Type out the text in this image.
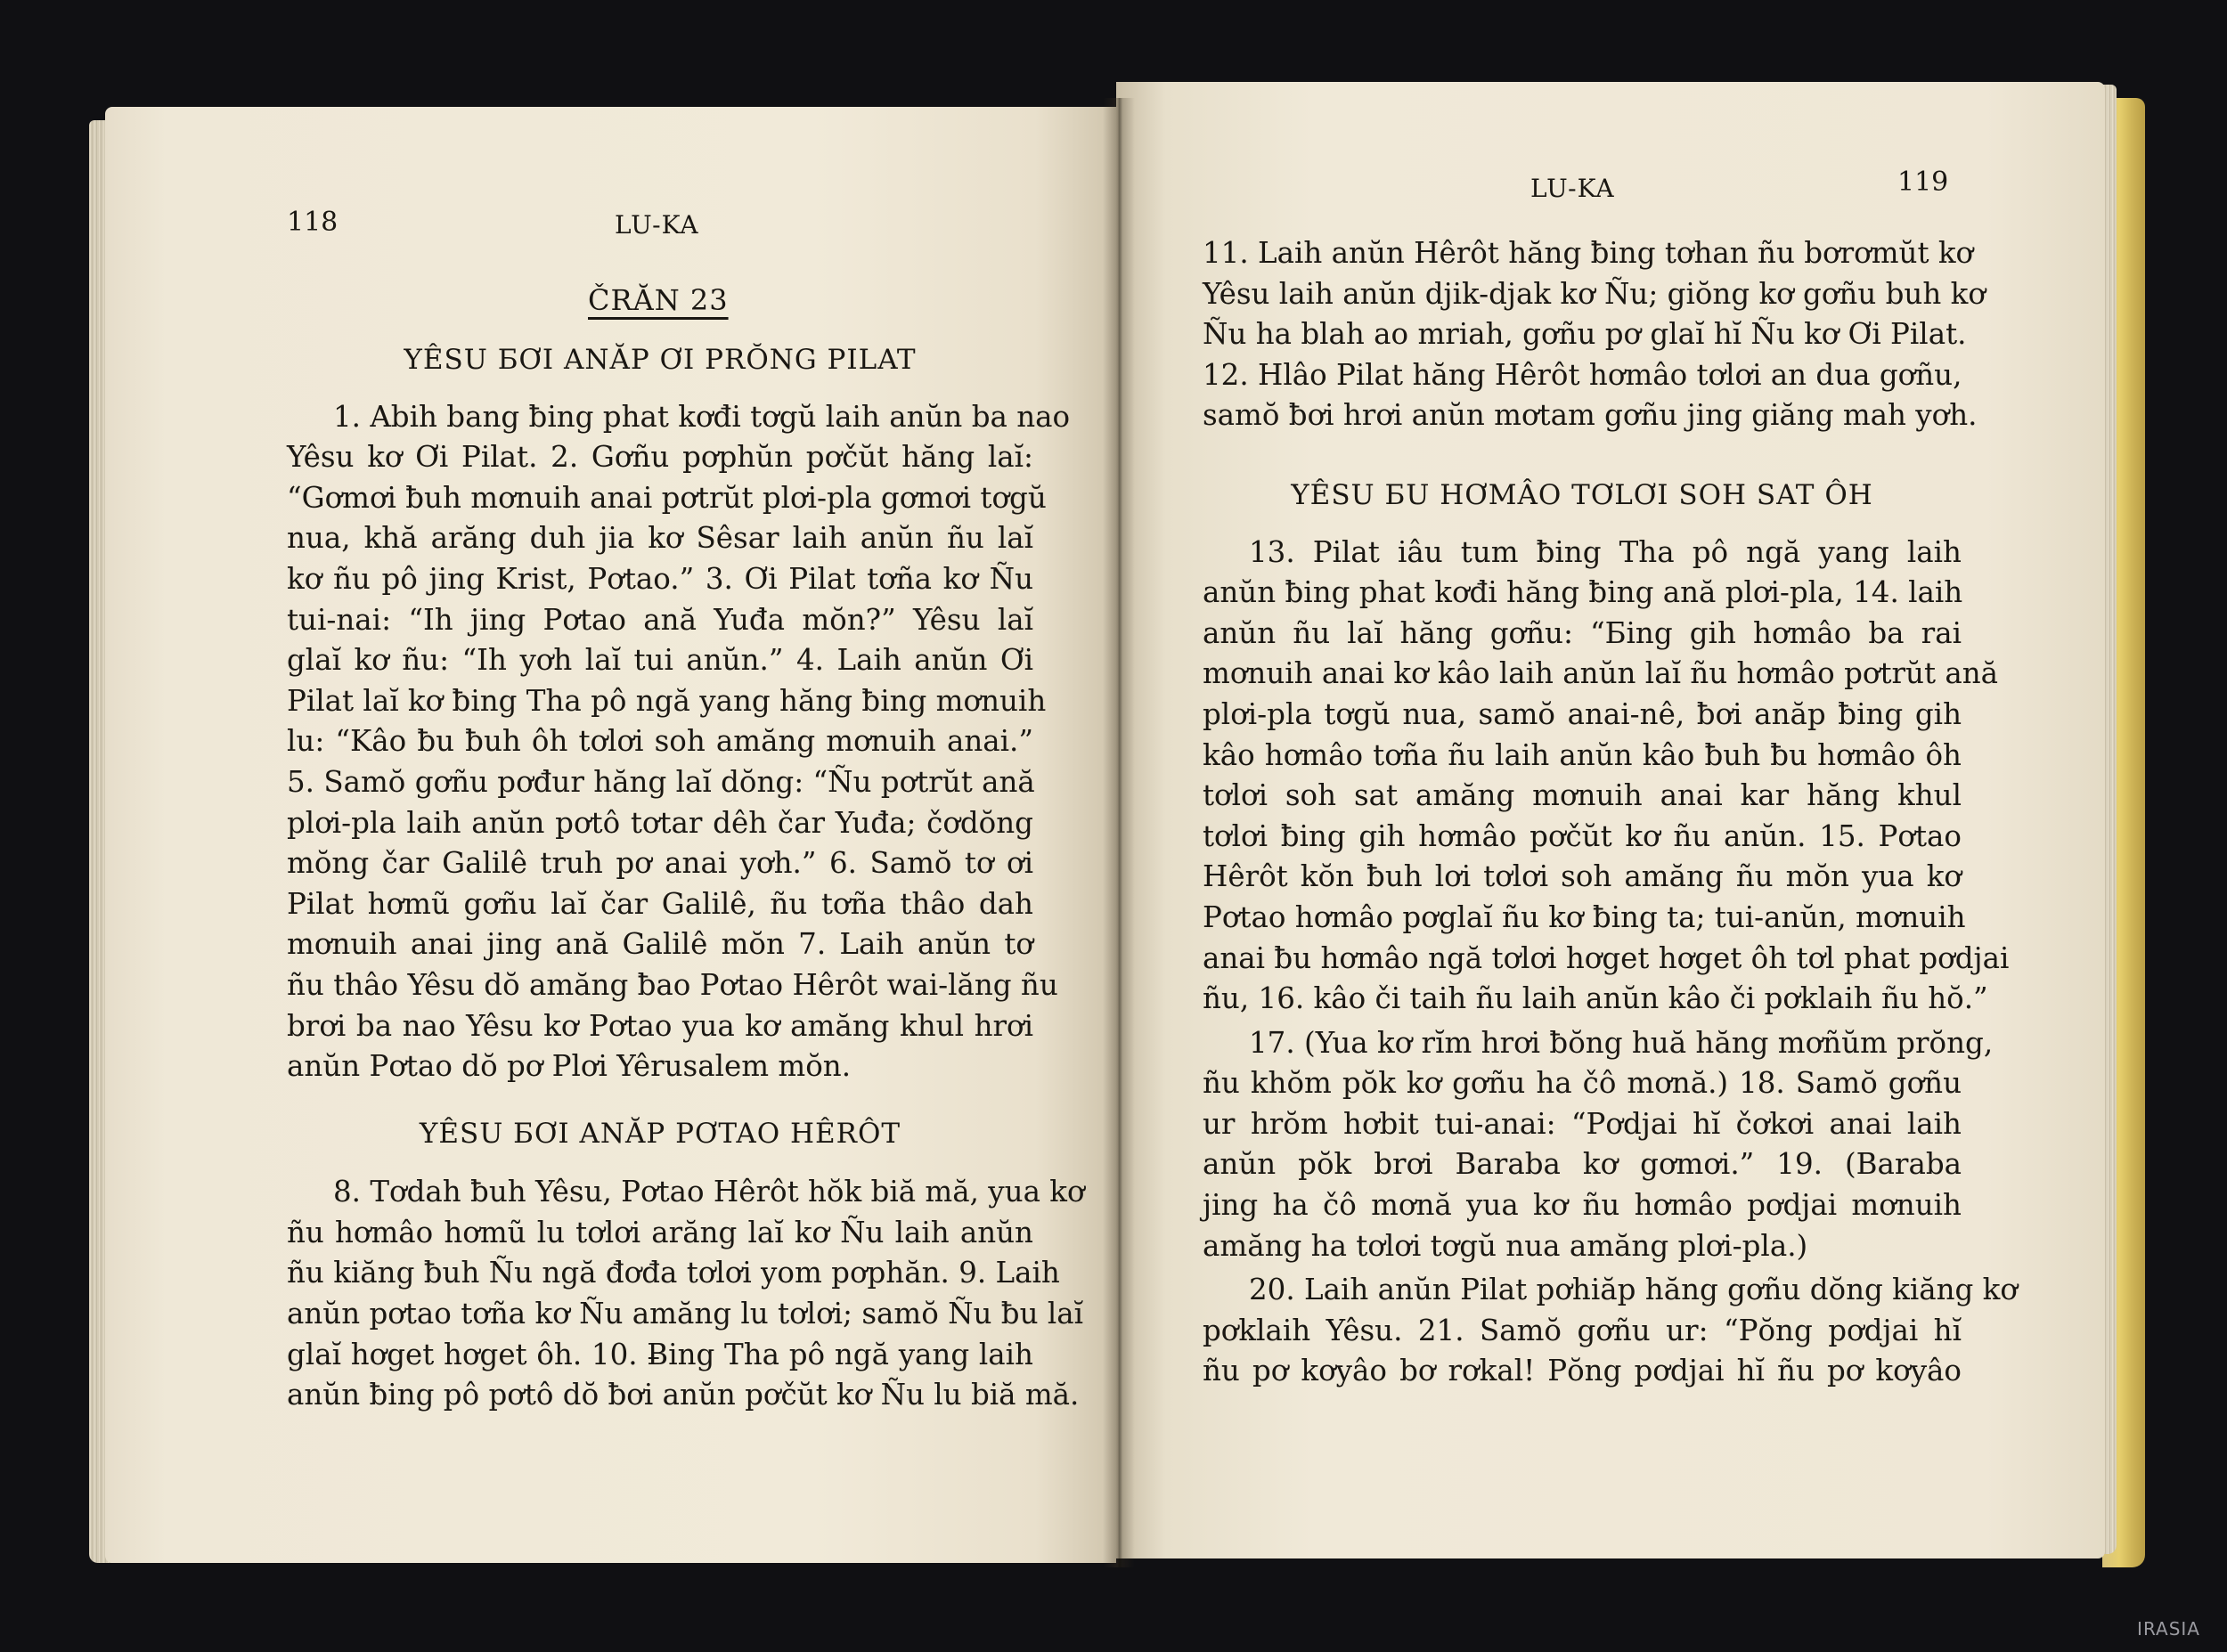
118	LU-KA
ČRĂN 23
YÊSU ƂƠI ANĂP ƠI PRŎNG PILAT
1. Abih bang ƀing phat kơđi tơgŭ laih anŭn ba nao
Yêsu kơ Ơi Pilat. 2. Gơñu pơphŭn pơčŭt hăng laĭ:
“Gơmơi ƀuh mơnuih anai pơtrŭt plơi-pla gơmơi tơgŭ
nua, khă arăng duh jia kơ Sêsar laih anŭn ñu laĭ
kơ ñu pô jing Krist, Pơtao.” 3. Ơi Pilat tơña kơ Ñu
tui-nai: “Ih jing Pơtao ană Yuđa mŏn?” Yêsu laĭ
glaĭ kơ ñu: “Ih yơh laĭ tui anŭn.” 4. Laih anŭn Ơi
Pilat laĭ kơ ƀing Tha pô ngă yang hăng ƀing mơnuih
lu: “Kâo ƀu ƀuh ôh tơlơi soh amăng mơnuih anai.”
5. Samŏ gơñu pơđur hăng laĭ dŏng: “Ñu pơtrŭt ană
plơi-pla laih anŭn pơtô tơtar dêh čar Yuđa; čơdŏng
mŏng čar Galilê truh pơ anai yơh.” 6. Samŏ tơ ơi
Pilat hơmũ gơñu laĭ čar Galilê, ñu tơña thâo dah
mơnuih anai jing ană Galilê mŏn 7. Laih anŭn tơ
ñu thâo Yêsu dŏ amăng ƀao Pơtao Hêrôt wai-lăng ñu
brơi ba nao Yêsu kơ Pơtao yua kơ amăng khul hrơi
anŭn Pơtao dŏ pơ Plơi Yêrusalem mŏn.
YÊSU ƂƠI ANĂP PƠTAO HÊRÔT
8. Tơdah ƀuh Yêsu, Pơtao Hêrôt hŏk biă mă, yua kơ
ñu hơmâo hơmũ lu tơlơi arăng laĭ kơ Ñu laih anŭn
ñu kiăng ƀuh Ñu ngă đơđa tơlơi yom pơphăn. 9. Laih
anŭn pơtao tơña kơ Ñu amăng lu tơlơi; samŏ Ñu ƀu laĭ
glaĭ hơget hơget ôh. 10. Ƀing Tha pô ngă yang laih
anŭn ƀing pô pơtô dŏ ƀơi anŭn pơčŭt kơ Ñu lu biă mă.
LU-KA	119
11. Laih anŭn Hêrôt hăng ƀing tơhan ñu bơrơmŭt kơ
Yêsu laih anŭn djik-djak kơ Ñu; giŏng kơ gơñu buh kơ
Ñu ha blah ao mriah, gơñu pơ glaĭ hĭ Ñu kơ Ơi Pilat.
12. Hlâo Pilat hăng Hêrôt hơmâo tơlơi an dua gơñu,
samŏ ƀơi hrơi anŭn mơtam gơñu jing giăng mah yơh.
YÊSU ƂU HƠMÂO TƠLƠI SOH SAT ÔH
13. Pilat iâu tum ƀing Tha pô ngă yang laih
anŭn ƀing phat kơđi hăng ƀing ană plơi-pla, 14. laih
anŭn ñu laĭ hăng gơñu: “Ƃing gih hơmâo ba rai
mơnuih anai kơ kâo laih anŭn laĭ ñu hơmâo pơtrŭt ană
plơi-pla tơgŭ nua, samŏ anai-nê, ƀơi anăp ƀing gih
kâo hơmâo tơña ñu laih anŭn kâo ƀuh ƀu hơmâo ôh
tơlơi soh sat amăng mơnuih anai kar hăng khul
tơlơi ƀing gih hơmâo pơčŭt kơ ñu anŭn. 15. Pơtao
Hêrôt kŏn ƀuh lơi tơlơi soh amăng ñu mŏn yua kơ
Pơtao hơmâo pơglaĭ ñu kơ ƀing ta; tui-anŭn, mơnuih
anai ƀu hơmâo ngă tơlơi hơget hơget ôh tơl phat pơdjai
ñu, 16. kâo či taih ñu laih anŭn kâo či pơklaih ñu hŏ.”
17. (Yua kơ rĭm hrơi ƀŏng huă hăng mơñŭm prŏng,
ñu khŏm pŏk kơ gơñu ha čô mơnă.) 18. Samŏ gơñu
ur hrŏm hơbit tui-anai: “Pơdjai hĭ čơkơi anai laih
anŭn pŏk brơi Baraba kơ gơmơi.” 19. (Baraba
jing ha čô mơnă yua kơ ñu hơmâo pơdjai mơnuih
amăng ha tơlơi tơgŭ nua amăng plơi-pla.)
20. Laih anŭn Pilat pơhiăp hăng gơñu dŏng kiăng kơ
pơklaih Yêsu. 21. Samŏ gơñu ur: “Pŏng pơdjai hĭ
ñu pơ kơyâo bơ rơkal! Pŏng pơdjai hĭ ñu pơ kơyâo
IRASIA
